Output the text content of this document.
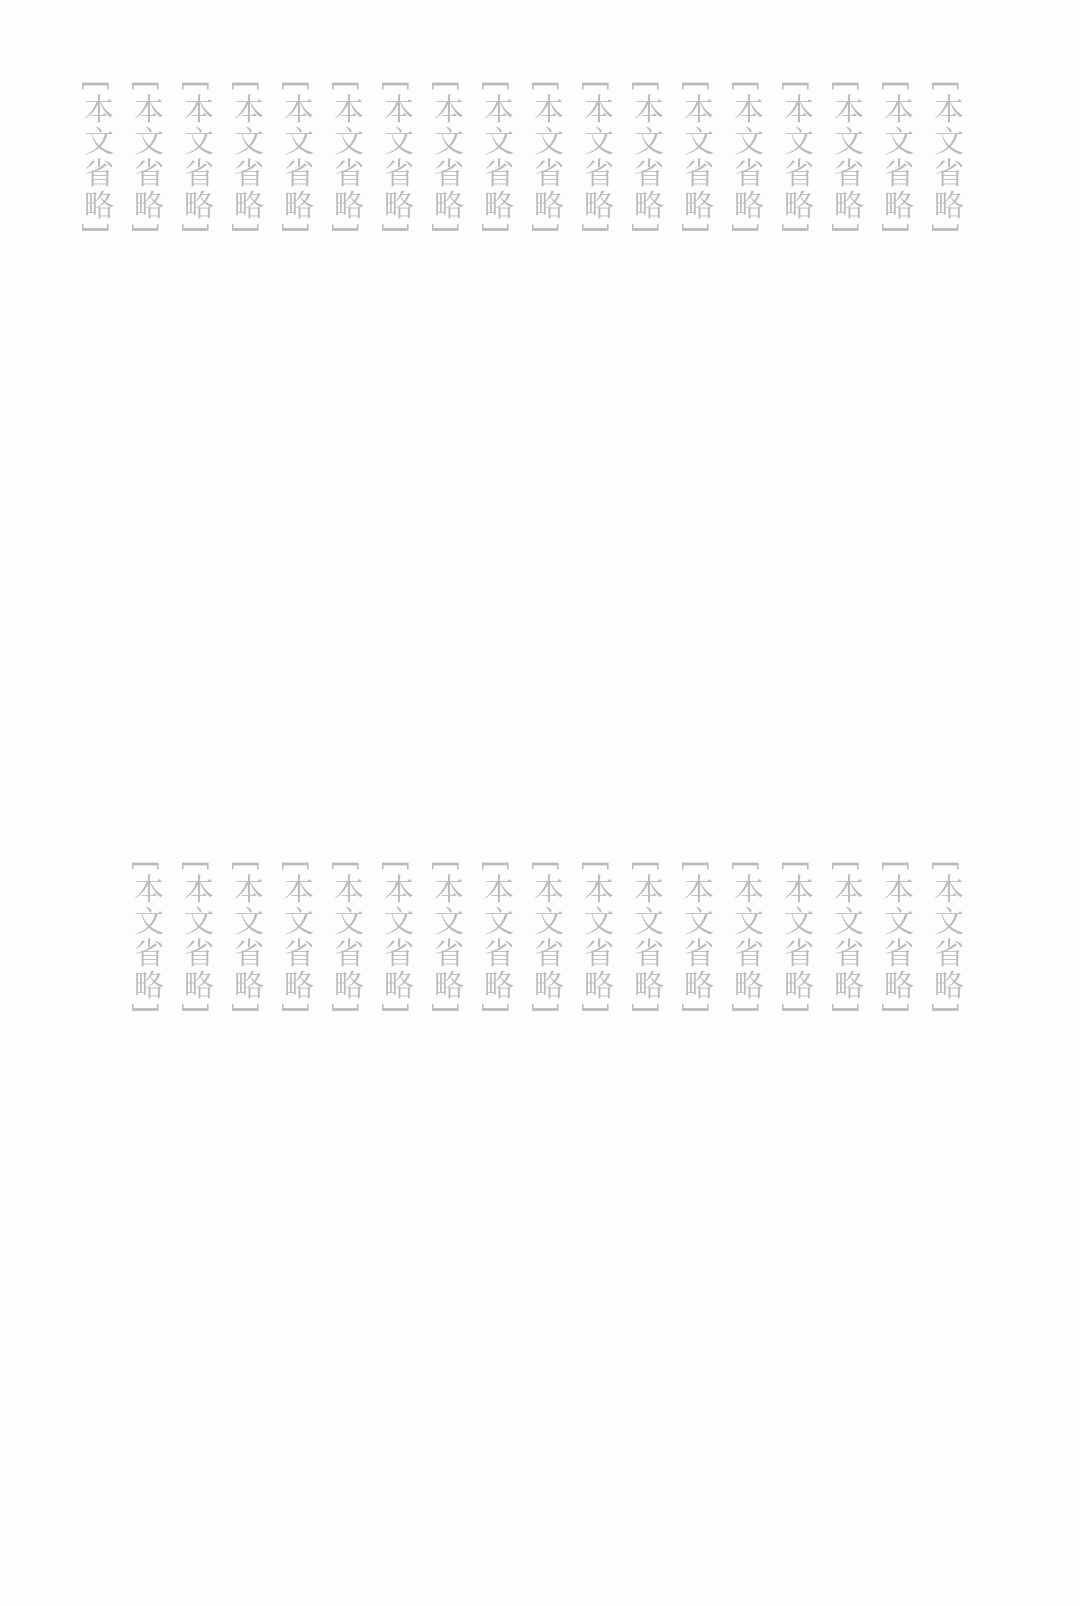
[本文省略]
[本文省略]
[本文省略]
[本文省略]
[本文省略]
[本文省略]
[本文省略]
[本文省略]
[本文省略]
[本文省略]
[本文省略]
[本文省略]
[本文省略]
[本文省略]
[本文省略]
[本文省略]
[本文省略]
[本文省略]
[本文省略]
[本文省略]
[本文省略]
[本文省略]
[本文省略]
[本文省略]
[本文省略]
[本文省略]
[本文省略]
[本文省略]
[本文省略]
[本文省略]
[本文省略]
[本文省略]
[本文省略]
[本文省略]
[本文省略]
